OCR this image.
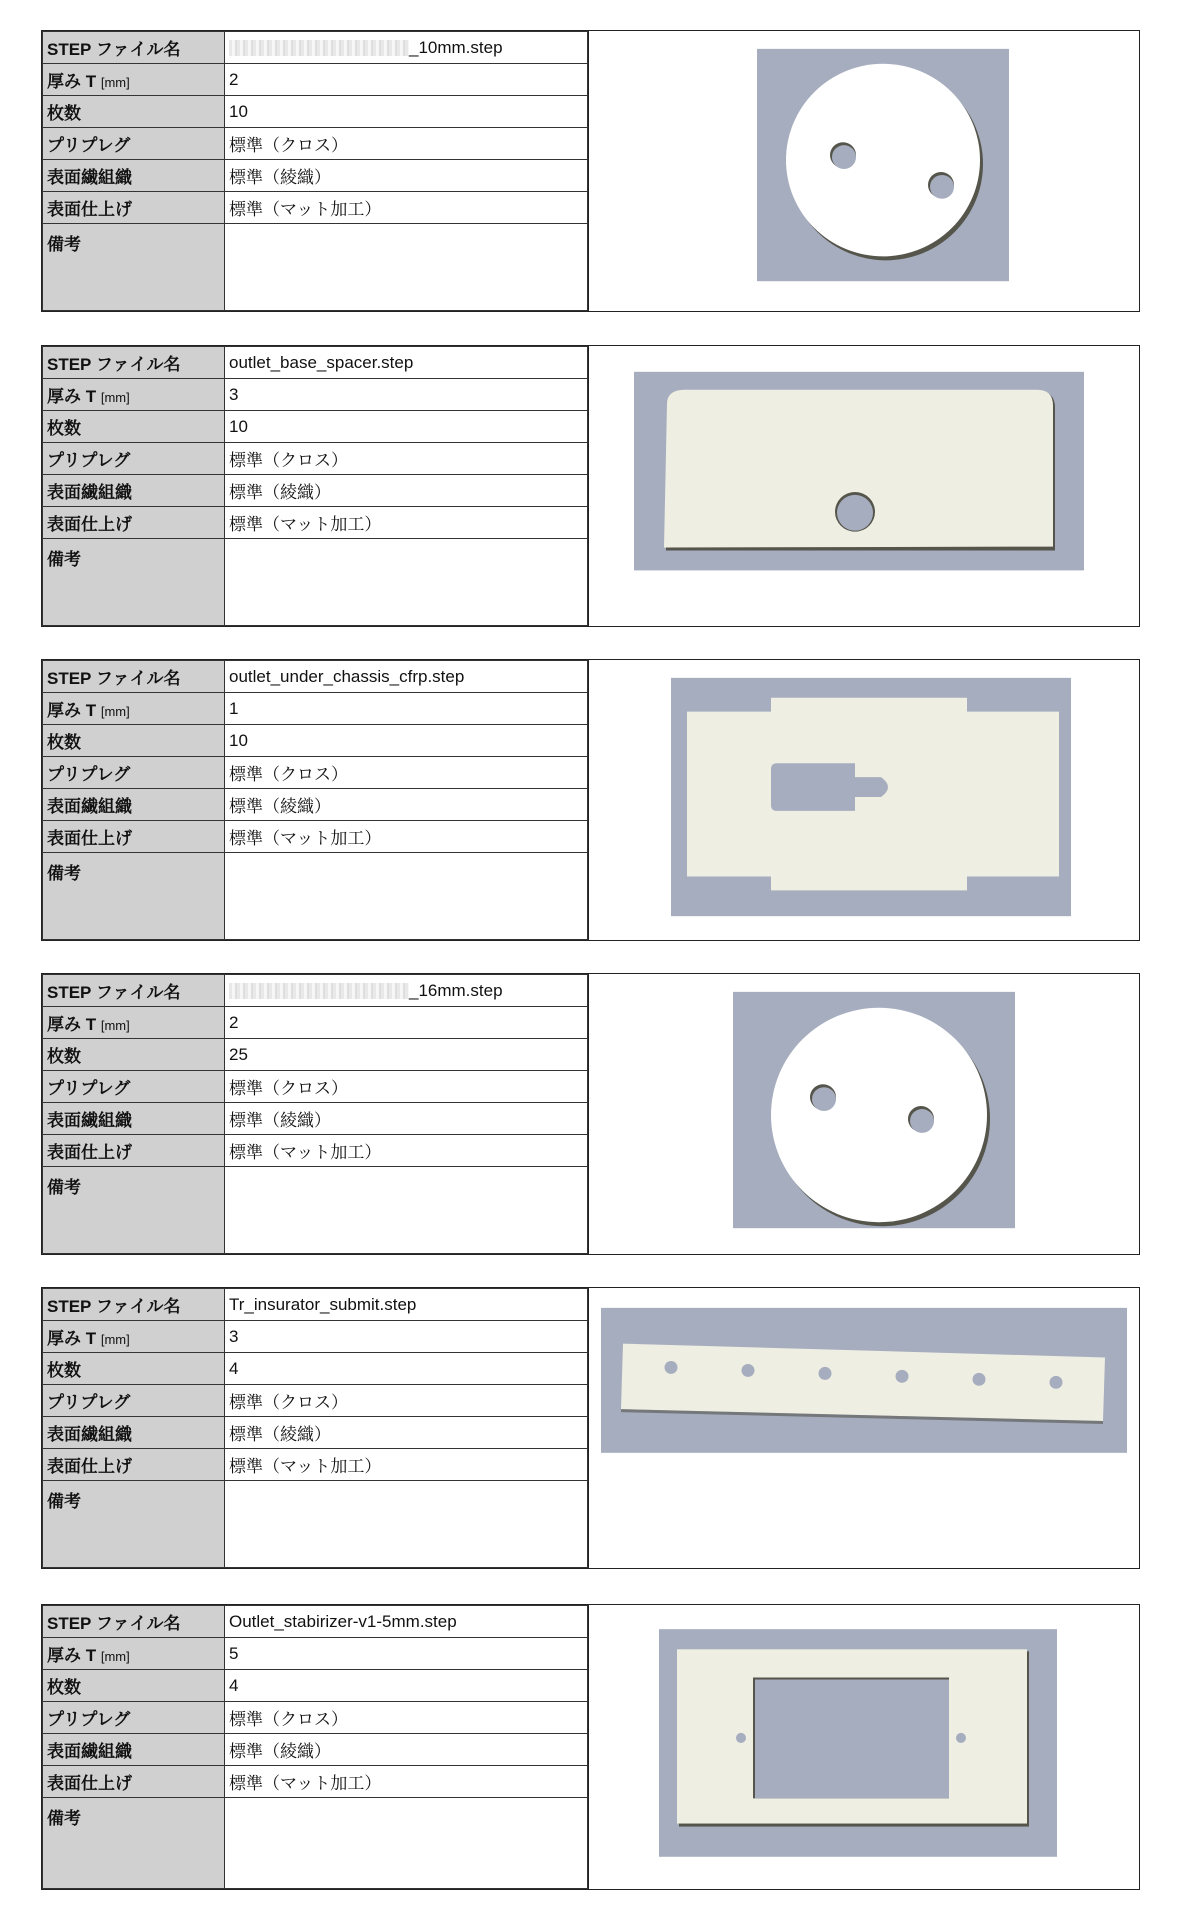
STEP ファイル名	_10mm.step
厚み T [mm]	2
枚数	10
プリプレグ	標準（クロス）
表面繊組織	標準（綾織）
表面仕上げ	標準（マット加工）
備考	
STEP ファイル名	outlet_base_spacer.step
厚み T [mm]	3
枚数	10
プリプレグ	標準（クロス）
表面繊組織	標準（綾織）
表面仕上げ	標準（マット加工）
備考	
STEP ファイル名	outlet_under_chassis_cfrp.step
厚み T [mm]	1
枚数	10
プリプレグ	標準（クロス）
表面繊組織	標準（綾織）
表面仕上げ	標準（マット加工）
備考	
STEP ファイル名	_16mm.step
厚み T [mm]	2
枚数	25
プリプレグ	標準（クロス）
表面繊組織	標準（綾織）
表面仕上げ	標準（マット加工）
備考	
STEP ファイル名	Tr_insurator_submit.step
厚み T [mm]	3
枚数	4
プリプレグ	標準（クロス）
表面繊組織	標準（綾織）
表面仕上げ	標準（マット加工）
備考	
STEP ファイル名	Outlet_stabirizer-v1-5mm.step
厚み T [mm]	5
枚数	4
プリプレグ	標準（クロス）
表面繊組織	標準（綾織）
表面仕上げ	標準（マット加工）
備考	
